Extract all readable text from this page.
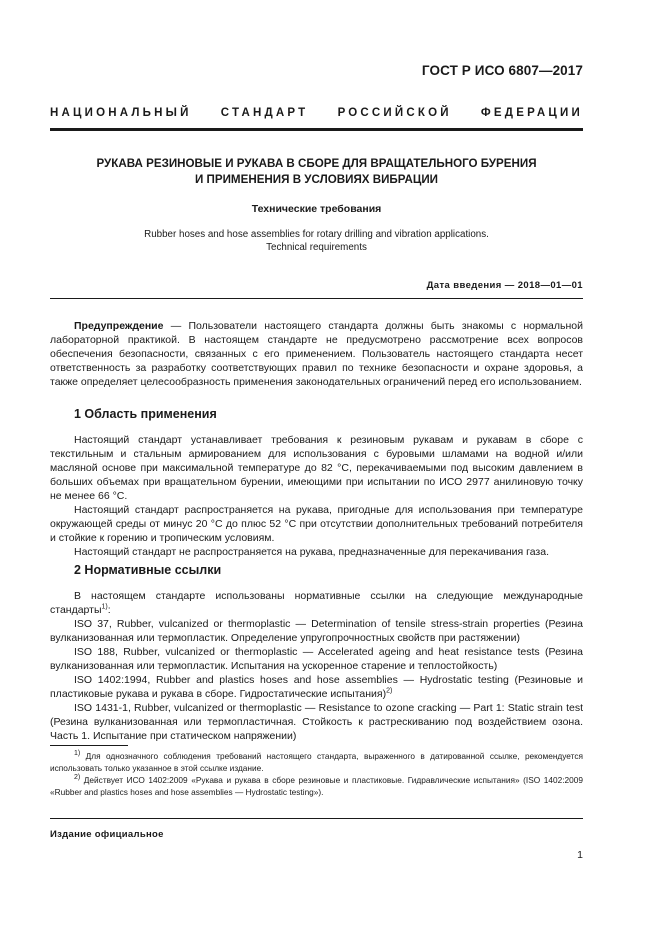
ГОСТ Р ИСО 6807—2017
НАЦИОНАЛЬНЫЙ	СТАНДАРТ	РОССИЙСКОЙ	ФЕДЕРАЦИИ
РУКАВА РЕЗИНОВЫЕ И РУКАВА В СБОРЕ ДЛЯ ВРАЩАТЕЛЬНОГО БУРЕНИЯ
И ПРИМЕНЕНИЯ В УСЛОВИЯХ ВИБРАЦИИ
Технические требования
Rubber hoses and hose assemblies for rotary drilling and vibration applications.
Technical requirements
Дата введения — 2018—01—01

Предупреждение — Пользователи настоящего стандарта должны быть знакомы с нормальной лабораторной практикой. В настоящем стандарте не предусмотрено рассмотрение всех вопросов обеспечения безопасности, связанных с его применением. Пользователь настоящего стандарта несет ответственность за разработку соответствующих правил по технике безопасности и охране здоровья, а также определяет целесообразность применения законодательных ограничений перед его использованием.

1 Область применения

Настоящий стандарт устанавливает требования к резиновым рукавам и рукавам в сборе с текстильным и стальным армированием для использования с буровыми шламами на водной и/или масляной основе при максимальной температуре до 82 °С, перекачиваемыми под высоким давлением в больших объемах при вращательном бурении, имеющими при испытании по ИСО 2977 анилиновую точку не менее 66 °С.

Настоящий стандарт распространяется на рукава, пригодные для использования при температуре окружающей среды от минус 20 °С до плюс 52 °С при отсутствии дополнительных требований потребителя и стойкие к горению и тропическим условиям.

Настоящий стандарт не распространяется на рукава, предназначенные для перекачивания газа.

2 Нормативные ссылки

В настоящем стандарте использованы нормативные ссылки на следующие международные стандарты$^{1)}$:

ISO 37, Rubber, vulcanized or thermoplastic — Determination of tensile stress-strain properties (Резина вулканизованная или термопластик. Определение упругопрочностных свойств при растяжении)

ISO 188, Rubber, vulcanized or thermoplastic — Accelerated ageing and heat resistance tests (Резина вулканизованная или термопластик. Испытания на ускоренное старение и теплостойкость)

ISO 1402:1994, Rubber and plastics hoses and hose assemblies — Hydrostatic testing (Резиновые и пластиковые рукава и рукава в сборе. Гидростатические испытания)$^{2)}$

ISO 1431-1, Rubber, vulcanized or thermoplastic — Resistance to ozone cracking — Part 1: Static strain test (Резина вулканизованная или термопластичная. Стойкость к растрескиванию под воздействием озона. Часть 1. Испытание при статическом напряжении)

$^{1)}$ Для однозначного соблюдения требований настоящего стандарта, выраженного в датированной ссылке, рекомендуется использовать только указанное в этой ссылке издание.

$^{2)}$ Действует ИСО 1402:2009 «Рукава и рукава в сборе резиновые и пластиковые. Гидравлические испытания» (ISO 1402:2009 «Rubber and plastics hoses and hose assemblies — Hydrostatic testing»).

Издание официальное
1
